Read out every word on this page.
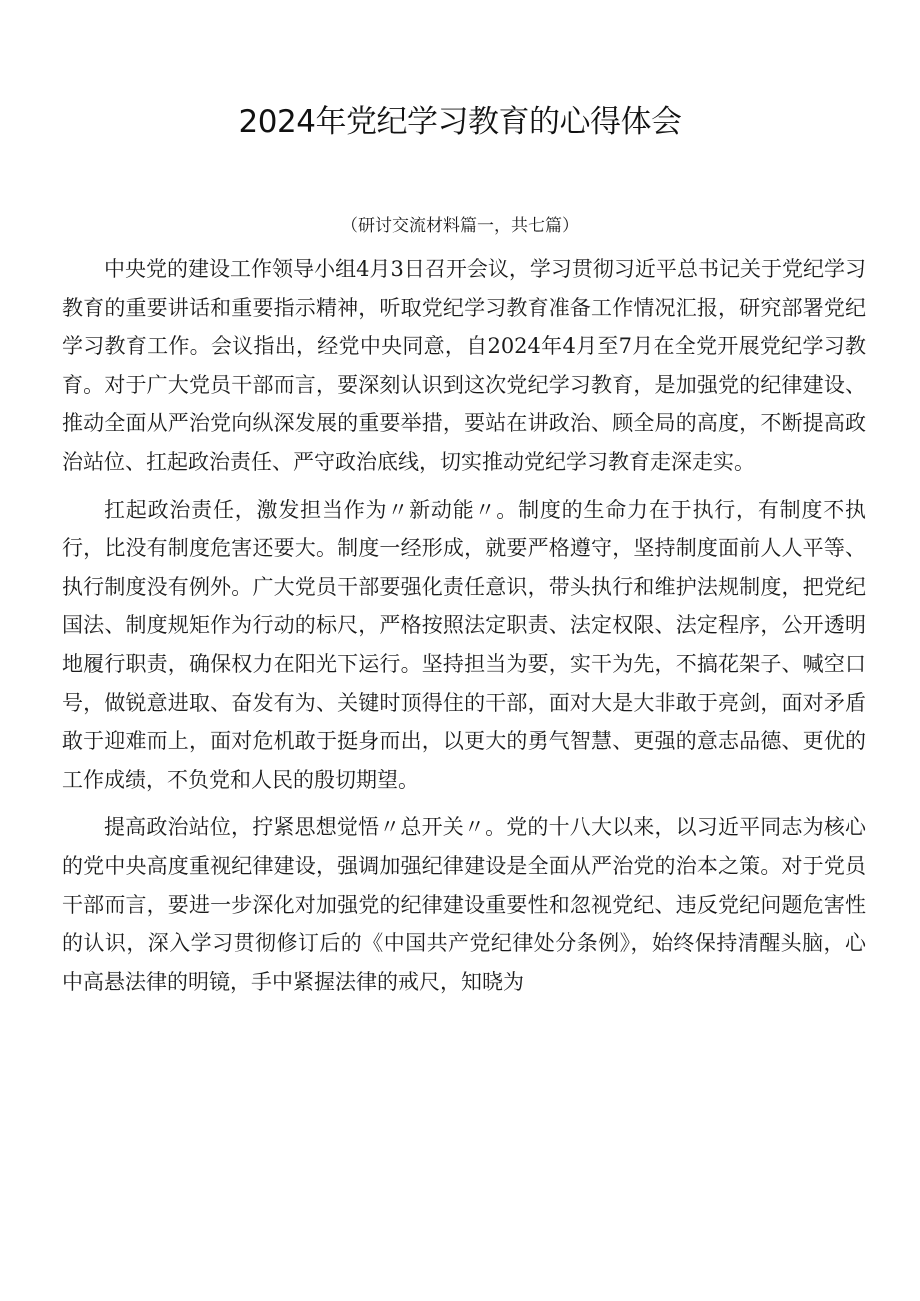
2024年党纪学习教育的心得体会

（研讨交流材料篇一，共七篇）

中央党的建设工作领导小组4月3日召开会议，学习贯彻习近平总书记关于党纪学习教育的重要讲话和重要指示精神，听取党纪学习教育准备工作情况汇报，研究部署党纪学习教育工作。会议指出，经党中央同意，自2024年4月至7月在全党开展党纪学习教育。对于广大党员干部而言，要深刻认识到这次党纪学习教育，是加强党的纪律建设、推动全面从严治党向纵深发展的重要举措，要站在讲政治、顾全局的高度，不断提高政治站位、扛起政治责任、严守政治底线，切实推动党纪学习教育走深走实。

扛起政治责任，激发担当作为〃新动能〃。制度的生命力在于执行，有制度不执行，比没有制度危害还要大。制度一经形成，就要严格遵守，坚持制度面前人人平等、执行制度没有例外。广大党员干部要强化责任意识，带头执行和维护法规制度，把党纪国法、制度规矩作为行动的标尺，严格按照法定职责、法定权限、法定程序，公开透明地履行职责，确保权力在阳光下运行。坚持担当为要，实干为先，不搞花架子、喊空口号，做锐意进取、奋发有为、关键时顶得住的干部，面对大是大非敢于亮剑，面对矛盾敢于迎难而上，面对危机敢于挺身而出，以更大的勇气智慧、更强的意志品德、更优的工作成绩，不负党和人民的殷切期望。

提高政治站位，拧紧思想觉悟〃总开关〃。党的十八大以来，以习近平同志为核心的党中央高度重视纪律建设，强调加强纪律建设是全面从严治党的治本之策。对于党员干部而言，要进一步深化对加强党的纪律建设重要性和忽视党纪、违反党纪问题危害性的认识，深入学习贯彻修订后的《中国共产党纪律处分条例》，始终保持清醒头脑，心中高悬法律的明镜，手中紧握法律的戒尺，知晓为
